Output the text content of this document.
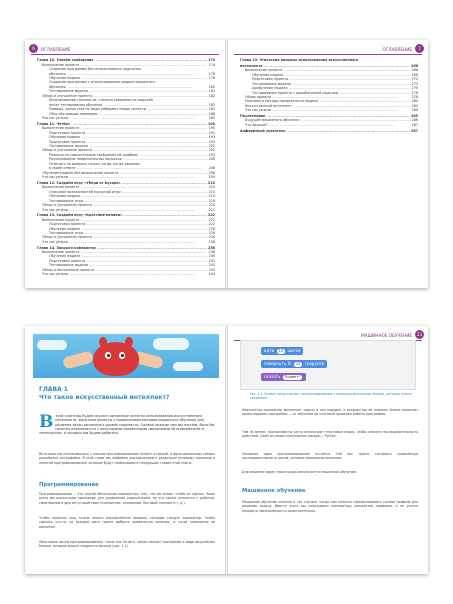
6	ОГЛАВЛЕНИЕ
Глава 10. Узнаём сообщения .....	174
Выполнение проекта .....	174
Создание программы без использования подсказок
обучения .....	176
Обучение модели .....	178
Создание программы с использованием модели машинного
обучения .....	180
Тестирование модели .....	182
Обзор и улучшение проекта .....	182
Использование сложности, степени уверенности моделей
после тестирования обучения .....	182
Помощь, какие тексты люди набирают новые проекты .....	182
Сбор обучающих примеров .....	188
Что мы узнали .....	189
Глава 11. Чатбот .....	190
Выполнение проекта .....	190
Подготовка проекта .....	191
Обучение модели .....	193
Подготовка проекта .....	200
Тестирование модели .....	202
Обзор и улучшение проекта .....	202
Реакция на сомнительные сообщения об ошибках .....	203
Распознавание неоднозначных вопросов .....	206
Отвечать на вопросы только тогда, когда уверены
в своём ответе .....	206
Обучение модели без выполнения проекта .....	208
Что мы узнали .....	209
Глава 12. Создаём игру «Убери от мусора» .....	210
Выполнение проекта .....	210
Описание возможностей мусорной игры .....	210
Обучение модели .....	214
Тестирование игры .....	216
Обзор и улучшение проекта .....	220
Что мы узнали .....	221
Глава 13. Создаём игру «Крестики-нолики» .....	222
Выполнение проекта .....	222
Подготовка проекта .....	222
Обучение модели .....	226
Тестирование игры .....	228
Обзор и улучшение проекта .....	234
Что мы узнали .....	236
Глава 14. Закрыто компьютер .....	238
Выполнение проекта .....	238
Обучение модели .....	240
Подготовка проекта .....	241
Тестирование модели .....	242
Обзор и выполнение проекта .....	243
Что мы узнали .....	244
ОГЛАВЛЕНИЕ	7
Глава 15. Этические вопросы использования искусственного
интеллекта .....	266
Выполнение проекта .....	266
Обучение модели .....	268
Подготовка проекта .....	272
Тестирование модели .....	273
Дообучение модели .....	275
Тестирование проекта с доработанной моделью .....	276
Обзор проекта .....	278
Причины и методы предвзятости модели .....	280
Искусственный интеллект .....	282
Что мы узнали .....	284
Послесловие .....	285
Будущее машинного обучения .....	286
Что дальше? .....	287
Алфавитный указатель .....	287
ГЛАВА 1
Что такое искусственный интеллект?
В этой книге мы будем изучать различные аспекты использования искусственного интеллекта, выполняя проекты с применением методов машинного обучения для решения задач различного уровня сложности. Однако прежде чем мы начнём, было бы полезно ознакомиться с некоторыми справочными сведениями об информатике и технологиях, о которых мы будем работать.
Во вторых мы познакомились с языком программирования Scratch и средой, в функциональных средах разработки интерфейса. В этой главе мы займёмся определением и развитием основных терминов и понятий программирования, которые будут необходимы в следующих главах этой книги.
Программирование
Программирование — это способ объяснения компьютеру того, что мы хотим, чтобы он сделал. Чаще всего мы используем программу для управления компьютером, но это также относится к роботам, смартфонам и другим устройствам (планшетам, телефонам, бытовой технике и т. д.).
Чтобы написать код, нужно понять определённые правила, которым следует компьютер. Чтобы сделать что-то, на каждом шаге нужно выбрать правильную команду, и тогда компьютер её выполнит.
Некоторые языки программирования, такие как Scratch, представляют программы в виде визуальных блоков, которые можно соединять мышью (рис. 1.1).
МАШИННОЕ ОБУЧЕНИЕ	23
идти 10 шагов
повернуть ↻ 15 градусов
сказать Привет!
Рис. 1.1. Scratch представляет программирование с помощью визуальных блоков, которые нужно соединить
Фактически компьютер выполняет задачу в том порядке, в котором мы её описали. Блоки помогают проектировать программы — от обучения до итоговой проверки работы программы.
Тем не менее, программисты часто используют текстовые языки, чтобы описать последовательность действий. Один из самых популярных языков — Python.
Основная идея программирования остаётся той же: нужно составить правильную последовательность шагов, которые компьютер выполнит.
Для решения задач такого рода используется машинное обучение.
Машинное обучение
Машинное обучение полезно в тех случаях, когда нам нелегко сформулировать точные правила для решения задачи. Вместо этого мы показываем компьютеру множество примеров, и он учится находить закономерности самостоятельно.
